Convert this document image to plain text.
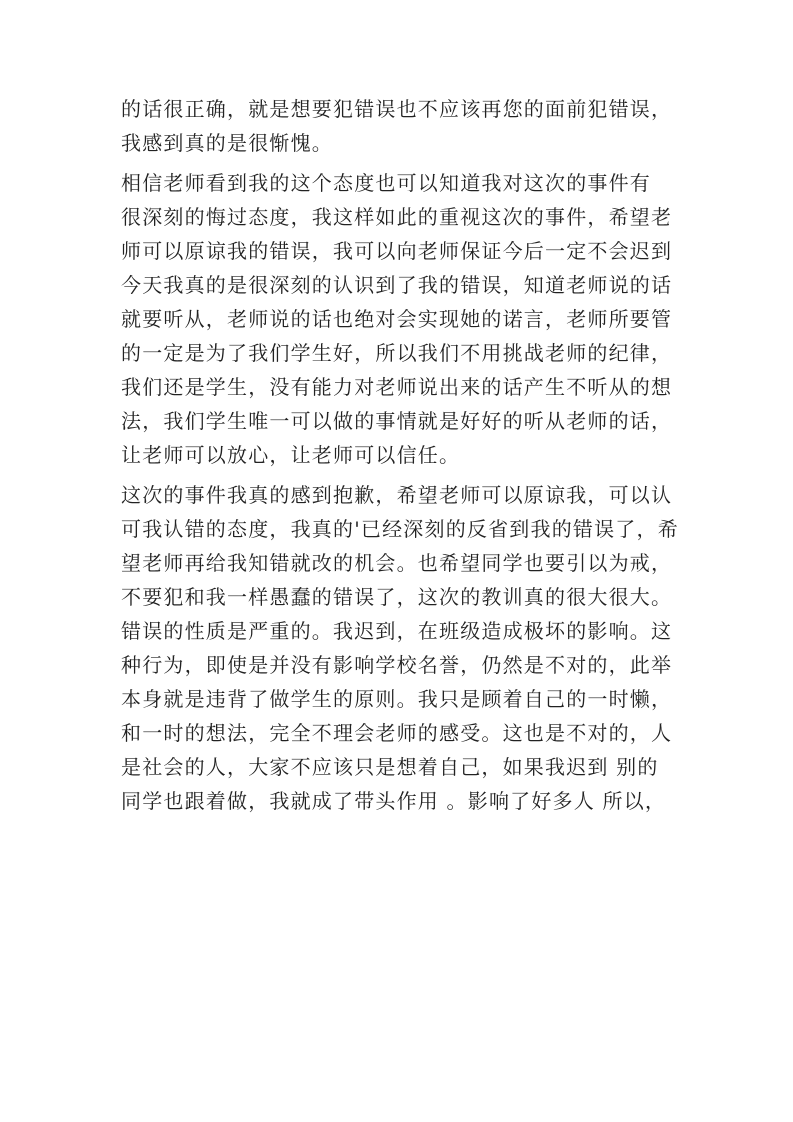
的话很正确，就是想要犯错误也不应该再您的面前犯错误，
我感到真的是很惭愧。
相信老师看到我的这个态度也可以知道我对这次的事件有
很深刻的悔过态度，我这样如此的重视这次的事件，希望老
师可以原谅我的错误，我可以向老师保证今后一定不会迟到
今天我真的是很深刻的认识到了我的错误，知道老师说的话
就要听从，老师说的话也绝对会实现她的诺言，老师所要管
的一定是为了我们学生好，所以我们不用挑战老师的纪律，
我们还是学生，没有能力对老师说出来的话产生不听从的想
法，我们学生唯一可以做的事情就是好好的听从老师的话，
让老师可以放心，让老师可以信任。
这次的事件我真的感到抱歉，希望老师可以原谅我，可以认
可我认错的态度，我真的'已经深刻的反省到我的错误了，希
望老师再给我知错就改的机会。也希望同学也要引以为戒，
不要犯和我一样愚蠢的错误了，这次的教训真的很大很大。
错误的性质是严重的。我迟到，在班级造成极坏的影响。这
种行为，即使是并没有影响学校名誉，仍然是不对的，此举
本身就是违背了做学生的原则。我只是顾着自己的一时懒，
和一时的想法，完全不理会老师的感受。这也是不对的，人
是社会的人，大家不应该只是想着自己，如果我迟到 别的
同学也跟着做，我就成了带头作用 。影响了好多人 所以，
